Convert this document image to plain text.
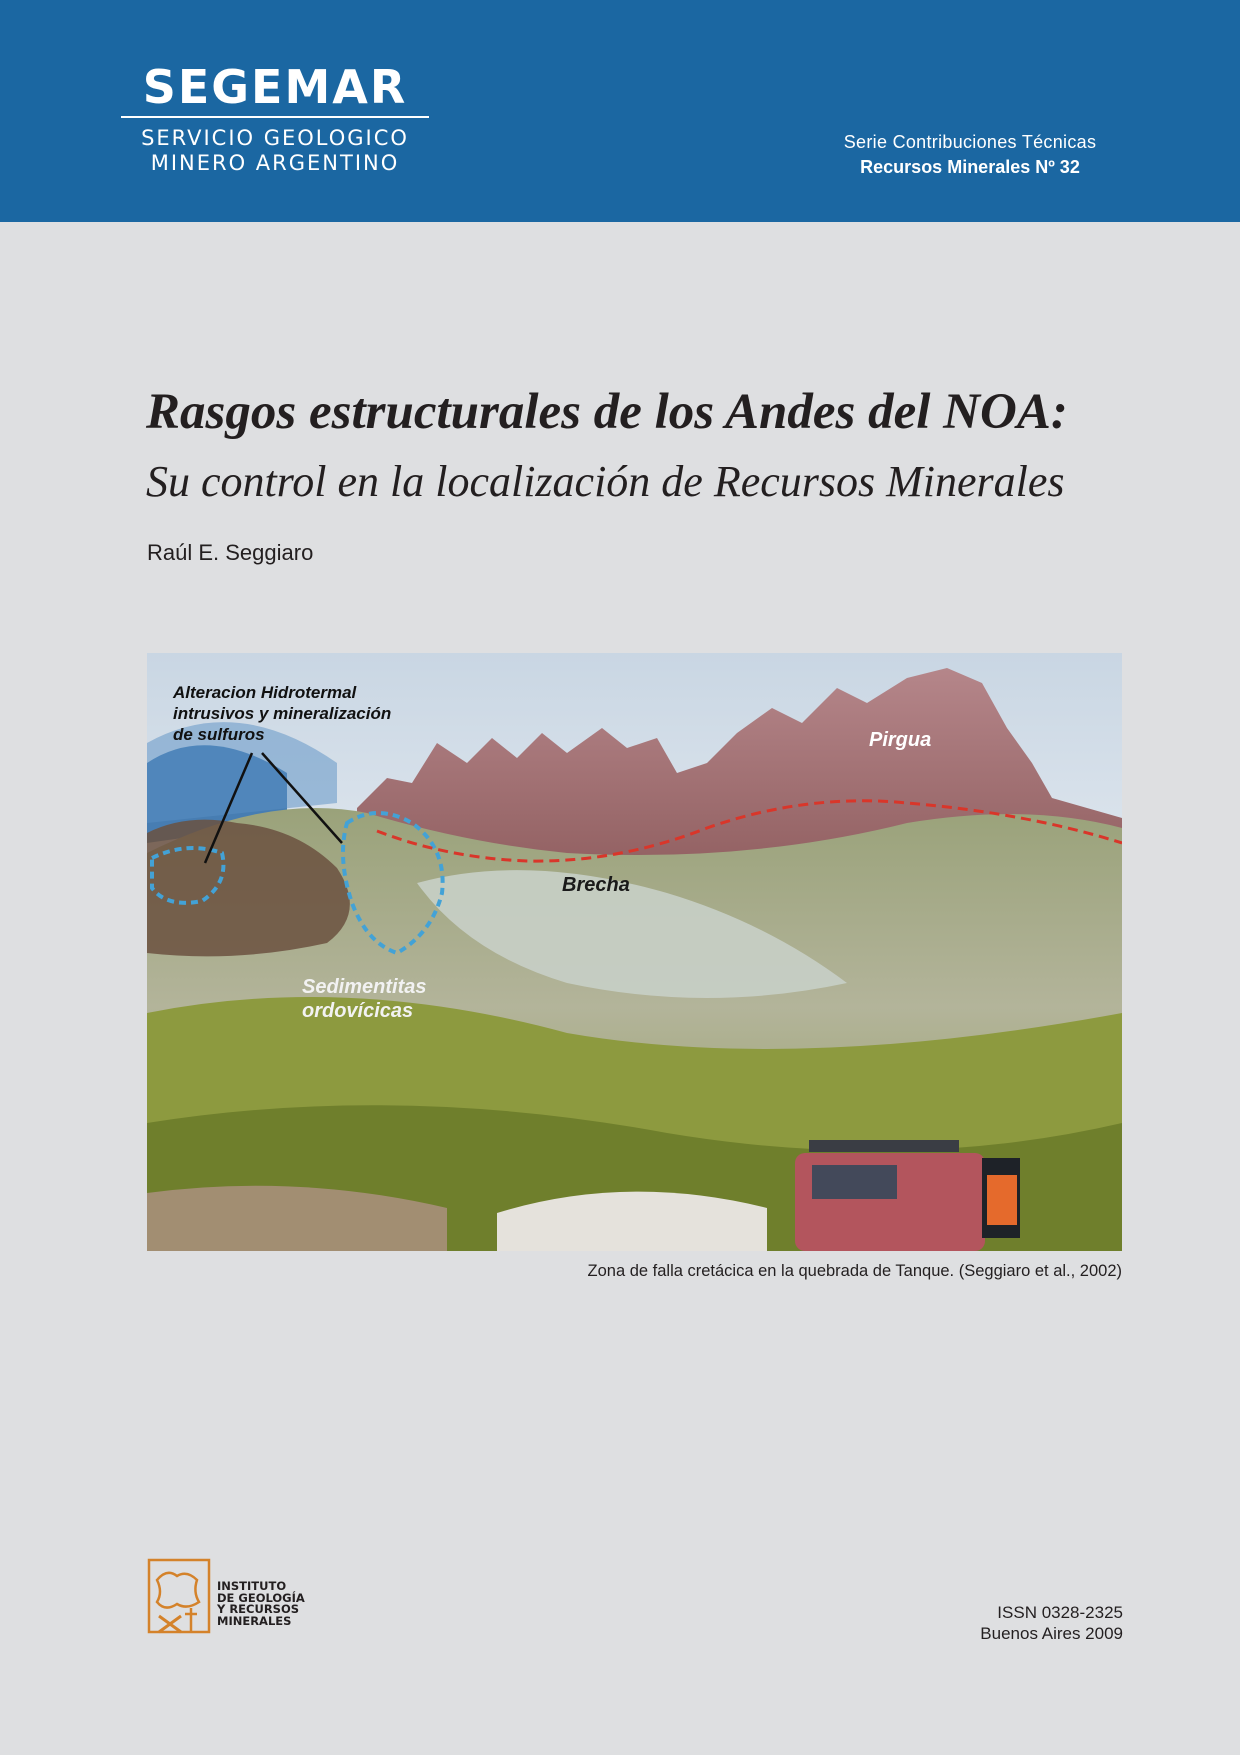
SEGEMAR
SERVICIO GEOLOGICO
MINERO ARGENTINO
Serie Contribuciones Técnicas
Recursos Minerales Nº 32
Rasgos estructurales de los Andes del NOA:
Su control en la localización de Recursos Minerales
Raúl E. Seggiaro
Alteracion Hidrotermal
intrusivos y mineralización
de sulfuros	Pirgua
Brecha
Sedimentitas
ordovícicas
Zona de falla cretácica en la quebrada de Tanque. (Seggiaro et al., 2002)
INSTITUTO
DE GEOLOGÍA
Y RECURSOS
MINERALES	ISSN 0328-2325
Buenos Aires 2009
